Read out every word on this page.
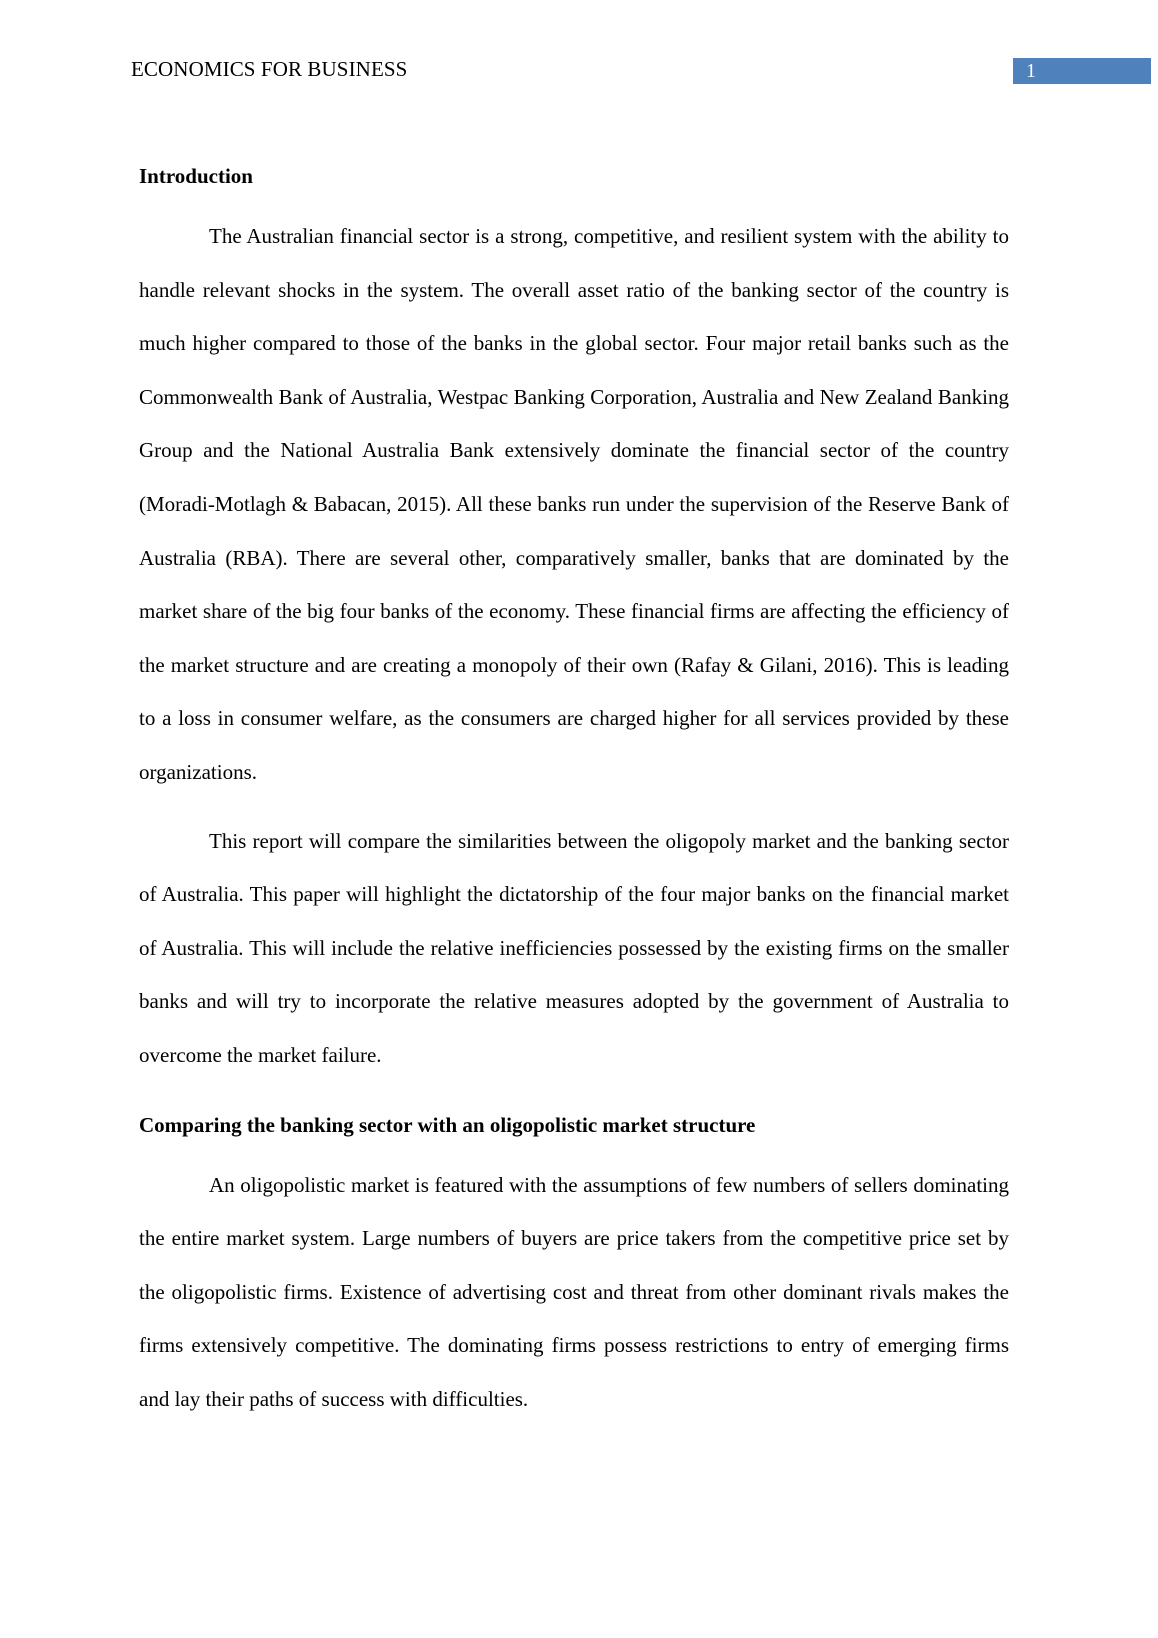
ECONOMICS FOR BUSINESS	1
Introduction

The Australian financial sector is a strong, competitive, and resilient system with the ability to handle relevant shocks in the system. The overall asset ratio of the banking sector of the country is much higher compared to those of the banks in the global sector. Four major retail banks such as the Commonwealth Bank of Australia, Westpac Banking Corporation, Australia and New Zealand Banking Group and the National Australia Bank extensively dominate the financial sector of the country (Moradi-Motlagh & Babacan, 2015). All these banks run under the supervision of the Reserve Bank of Australia (RBA). There are several other, comparatively smaller, banks that are dominated by the market share of the big four banks of the economy. These financial firms are affecting the efficiency of the market structure and are creating a monopoly of their own (Rafay & Gilani, 2016). This is leading to a loss in consumer welfare, as the consumers are charged higher for all services provided by these organizations.

This report will compare the similarities between the oligopoly market and the banking sector of Australia. This paper will highlight the dictatorship of the four major banks on the financial market of Australia. This will include the relative inefficiencies possessed by the existing firms on the smaller banks and will try to incorporate the relative measures adopted by the government of Australia to overcome the market failure.

Comparing the banking sector with an oligopolistic market structure

An oligopolistic market is featured with the assumptions of few numbers of sellers dominating the entire market system. Large numbers of buyers are price takers from the competitive price set by the oligopolistic firms. Existence of advertising cost and threat from other dominant rivals makes the firms extensively competitive. The dominating firms possess restrictions to entry of emerging firms and lay their paths of success with difficulties.
